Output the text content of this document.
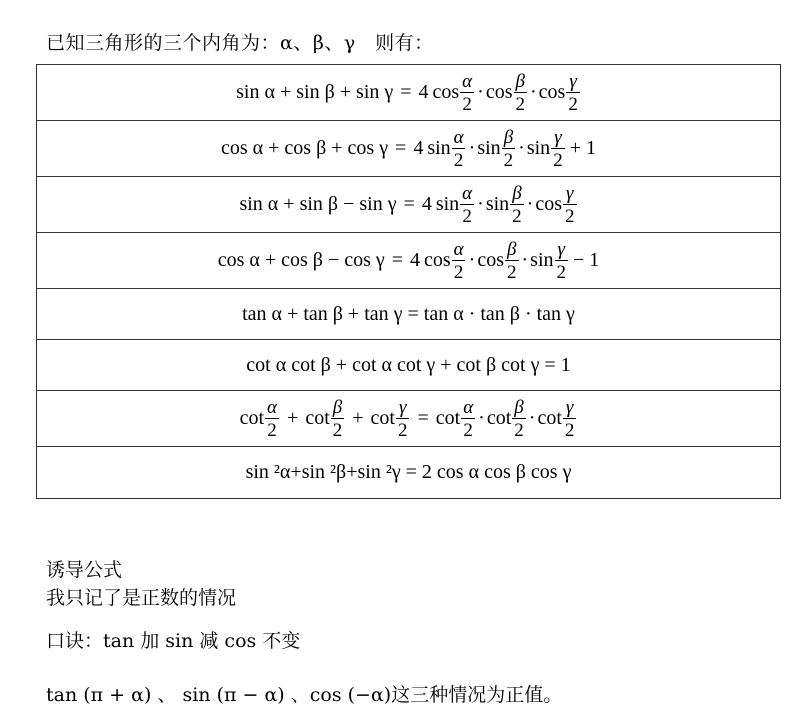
已知三角形的三个内角为：α、β、γ　则有：
sin α + sin β + sin γ = 4 $\cos \frac{\alpha}{2} \cdot \cos \frac{\beta}{2} \cdot \cos \frac{\gamma}{2}$

cos α + cos β + cos γ = 4 $\sin \frac{\alpha}{2} \cdot \sin \frac{\beta}{2} \cdot \sin \frac{\gamma}{2} + 1$

sin α + sin β − sin γ = 4 $\sin \frac{\alpha}{2} \cdot \sin \frac{\beta}{2} \cdot \cos \frac{\gamma}{2}$

cos α + cos β − cos γ = 4 $\cos \frac{\alpha}{2} \cdot \cos \frac{\beta}{2} \cdot \sin \frac{\gamma}{2} - 1$

tan α + tan β + tan γ = tan α · tan β · tan γ
cot α cot β + cot α cot γ + cot β cot γ = 1

$\cot \frac{\alpha}{2} + \cot \frac{\beta}{2} + \cot \frac{\gamma}{2} = \cot \frac{\alpha}{2} \cdot \cot \frac{\beta}{2} \cdot \cot \frac{\gamma}{2}$

sin ²α+sin ²β+sin ²γ = 2 cos α cos β cos γ
诱导公式
我只记了是正数的情况
口诀：tan 加 sin 减 cos 不变
tan (π + α) 、 sin (π − α) 、cos (−α)这三种情况为正值。
